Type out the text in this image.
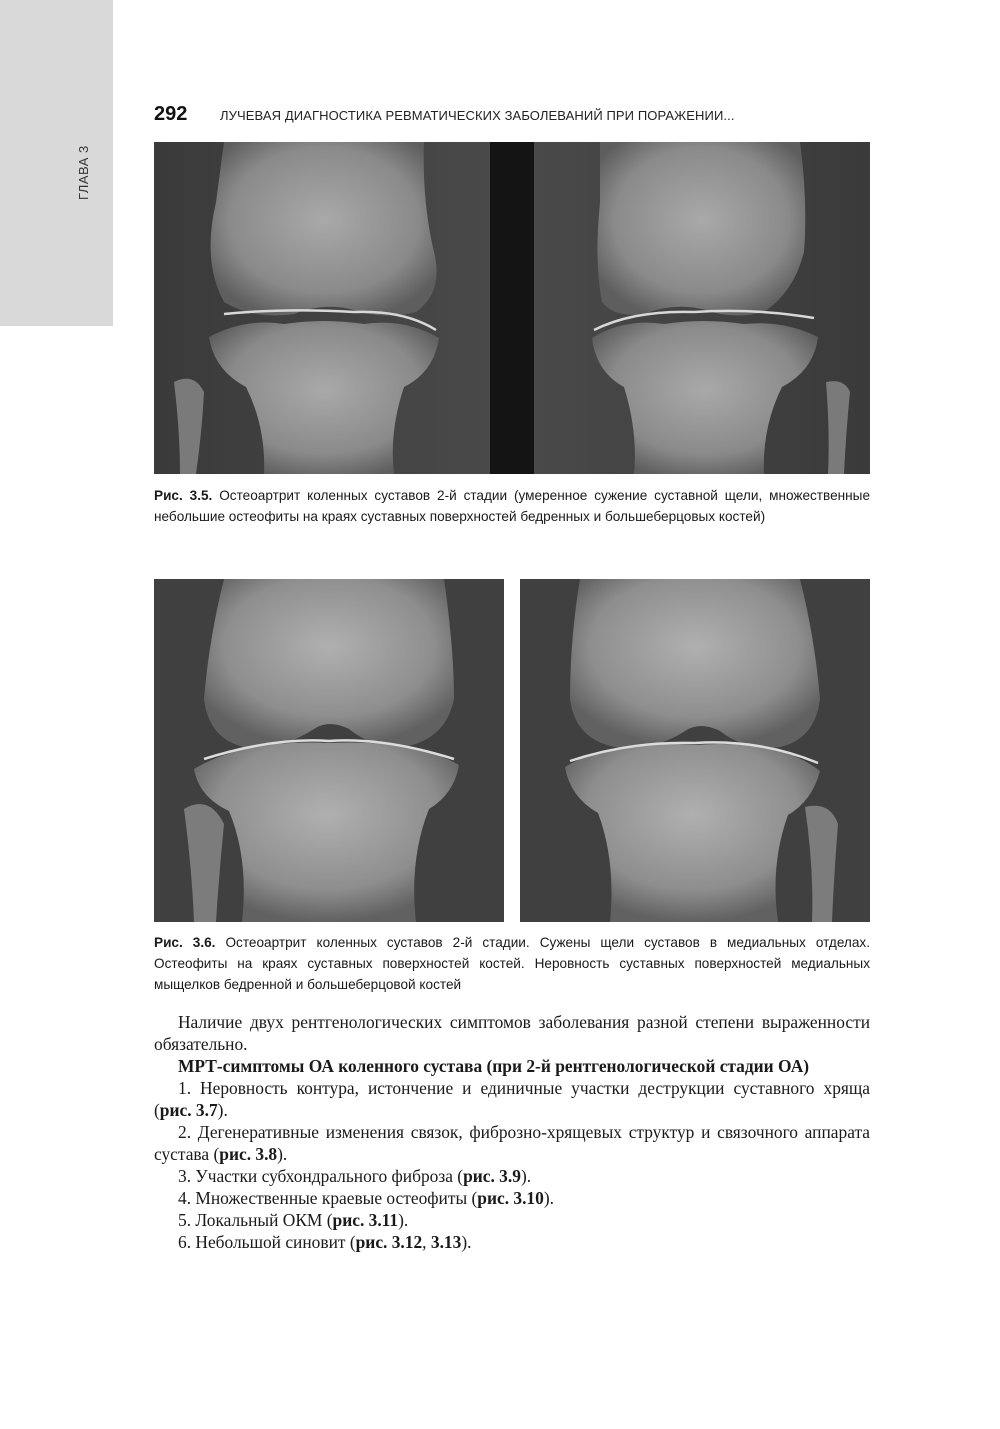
ГЛАВА 3
292	ЛУЧЕВАЯ ДИАГНОСТИКА РЕВМАТИЧЕСКИХ ЗАБОЛЕВАНИЙ ПРИ ПОРАЖЕНИИ...
Рис. 3.5. Остеоартрит коленных суставов 2-й стадии (умеренное сужение суставной щели, множественные небольшие остеофиты на краях суставных поверхностей бедренных и большеберцовых костей)
Рис. 3.6. Остеоартрит коленных суставов 2-й стадии. Сужены щели суставов в медиальных отделах. Остеофиты на краях суставных поверхностей костей. Неровность суставных поверхностей медиальных мыщелков бедренной и большеберцовой костей

Наличие двух рентгенологических симптомов заболевания разной степени выраженности обязательно.

МРТ-симптомы ОА коленного сустава (при 2-й рентгенологической стадии ОА)

1. Неровность контура, истончение и единичные участки деструкции суставного хряща (рис. 3.7).

2. Дегенеративные изменения связок, фиброзно-хрящевых структур и связочного аппарата сустава (рис. 3.8).

3. Участки субхондрального фиброза (рис. 3.9).

4. Множественные краевые остеофиты (рис. 3.10).

5. Локальный ОКМ (рис. 3.11).

6. Небольшой синовит (рис. 3.12, 3.13).
